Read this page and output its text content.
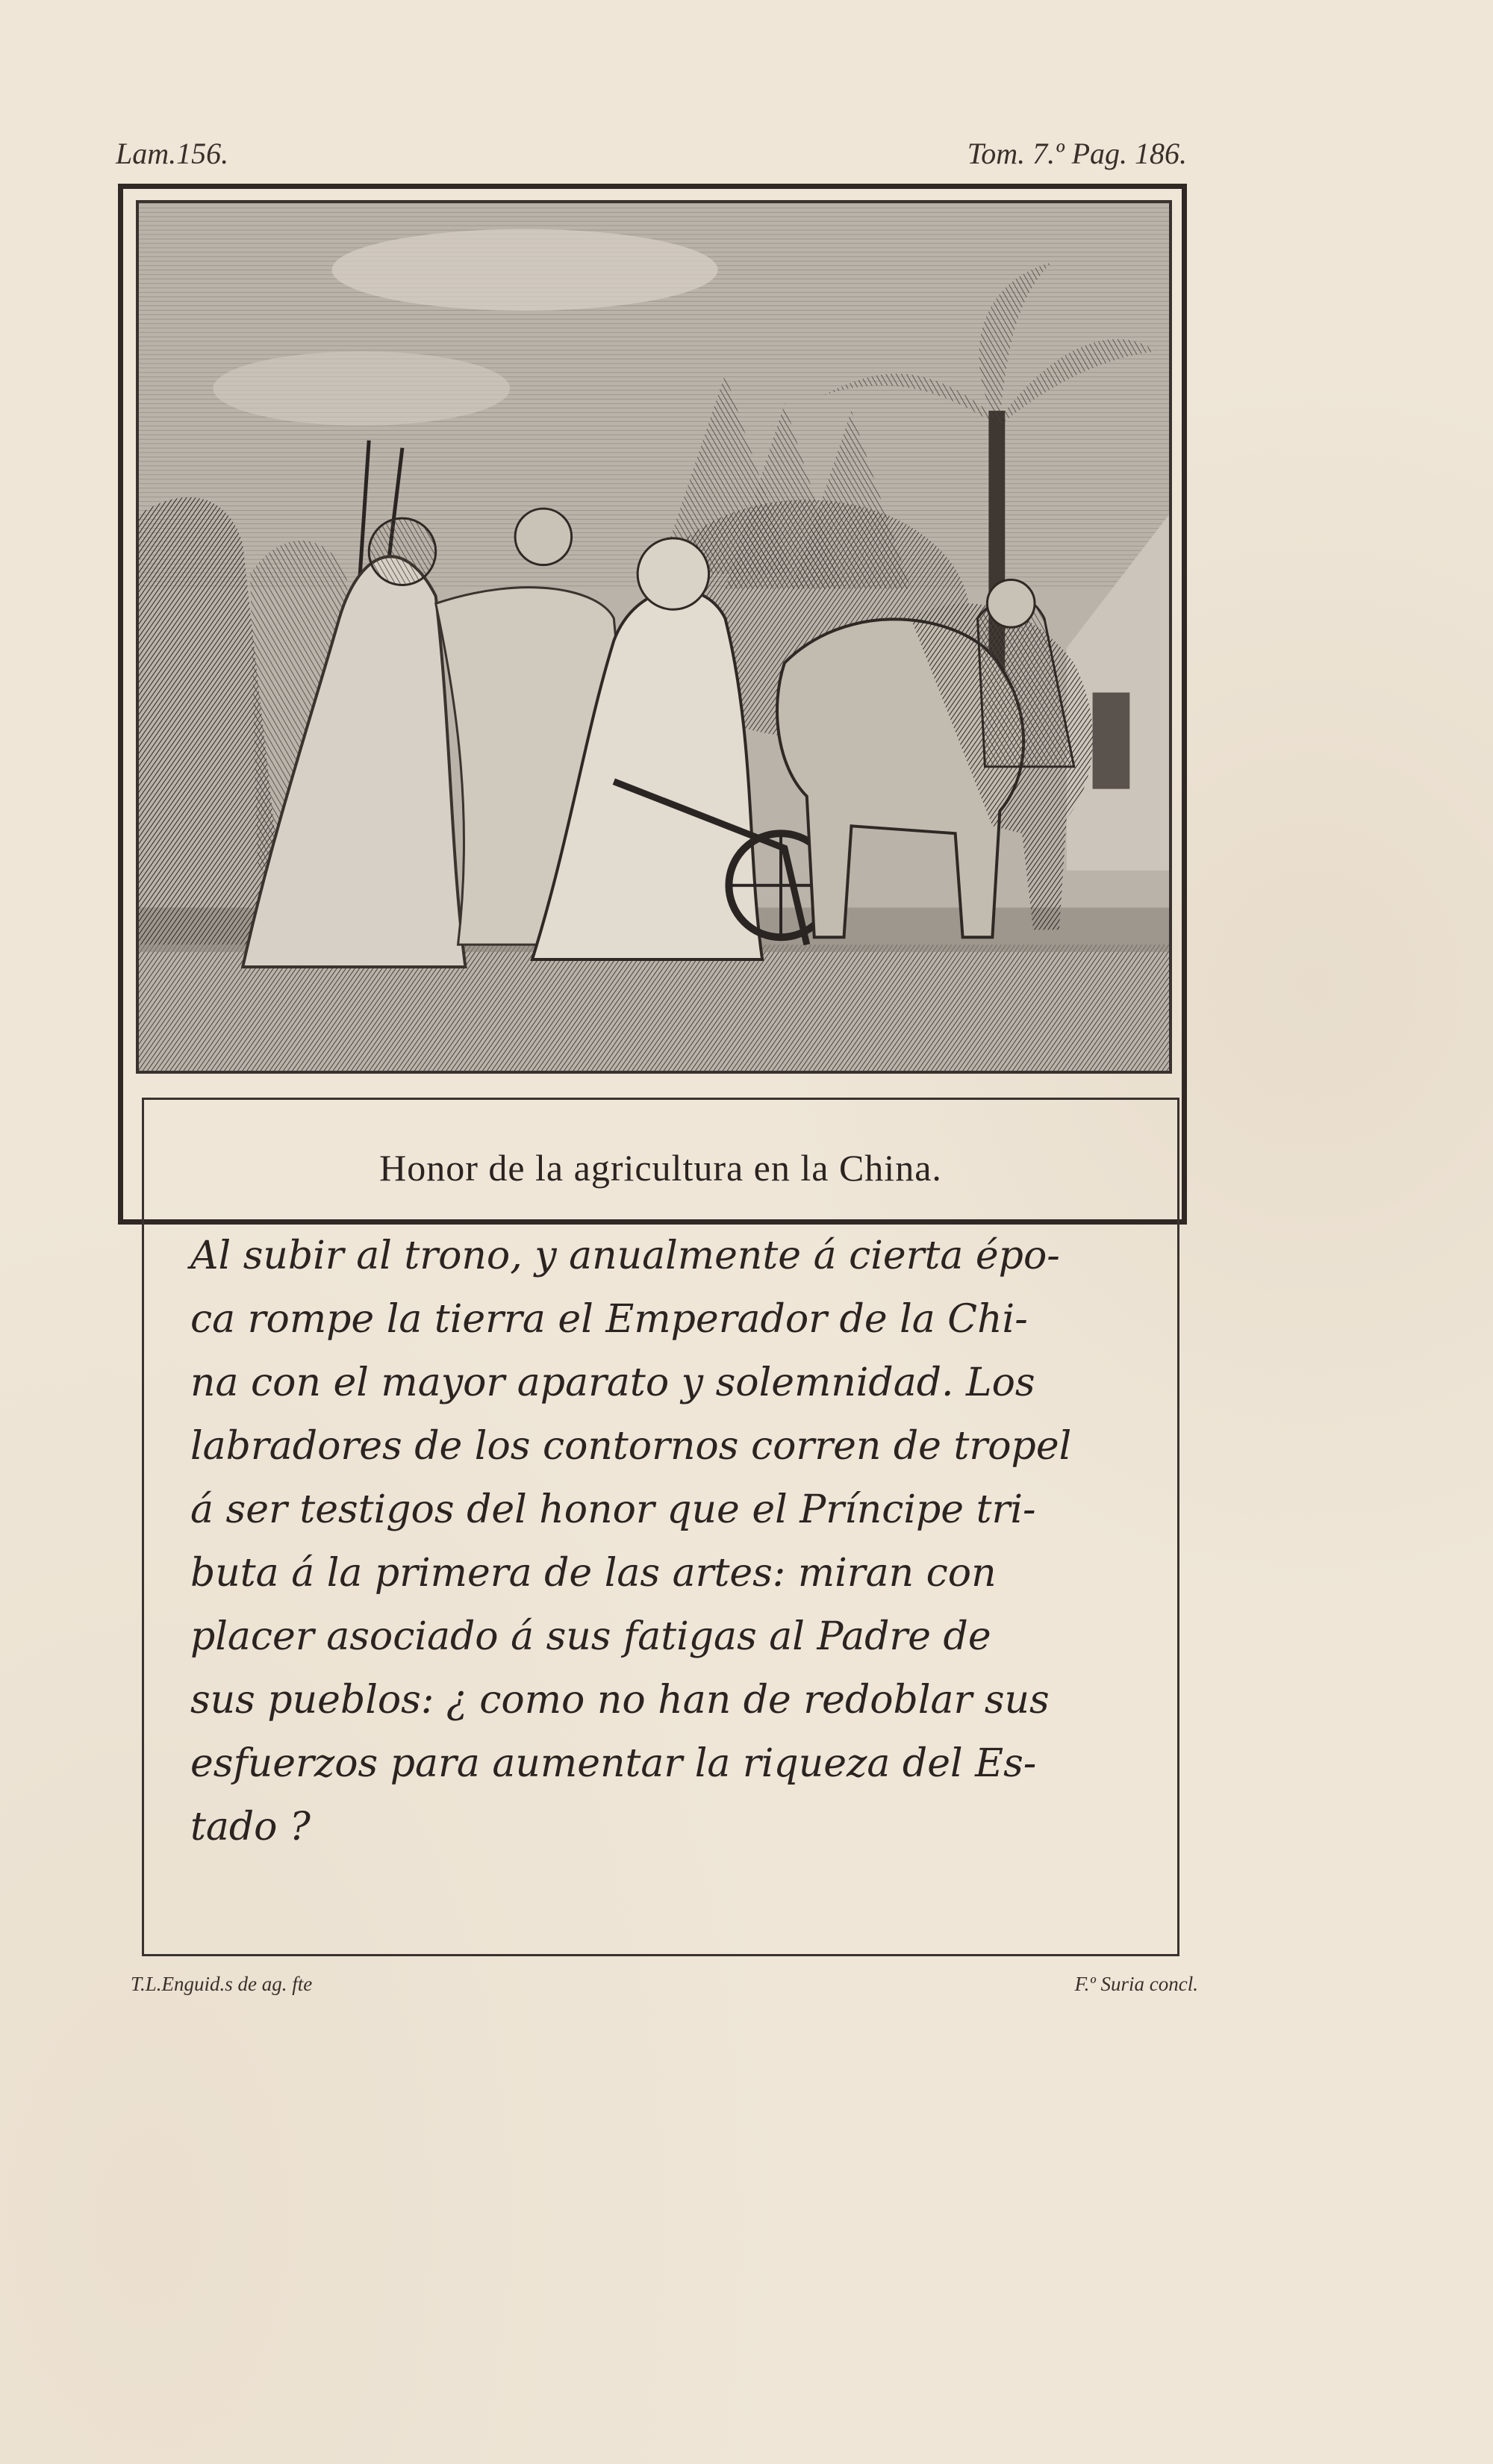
Lam.156.	Tom. 7.º Pag. 186.
Honor de la agricultura en la China.
Al subir al trono, y anualmente á cierta épo-
ca rompe la tierra el Emperador de la Chi-
na con el mayor aparato y solemnidad. Los
labradores de los contornos corren de tropel
á ser testigos del honor que el Príncipe tri-
buta á la primera de las artes: miran con
placer asociado á sus fatigas al Padre de
sus pueblos: ¿ como no han de redoblar sus
esfuerzos para aumentar la riqueza del Es-
tado ?
T.L.Enguid.s de ag. fte	F.º Suria concl.
